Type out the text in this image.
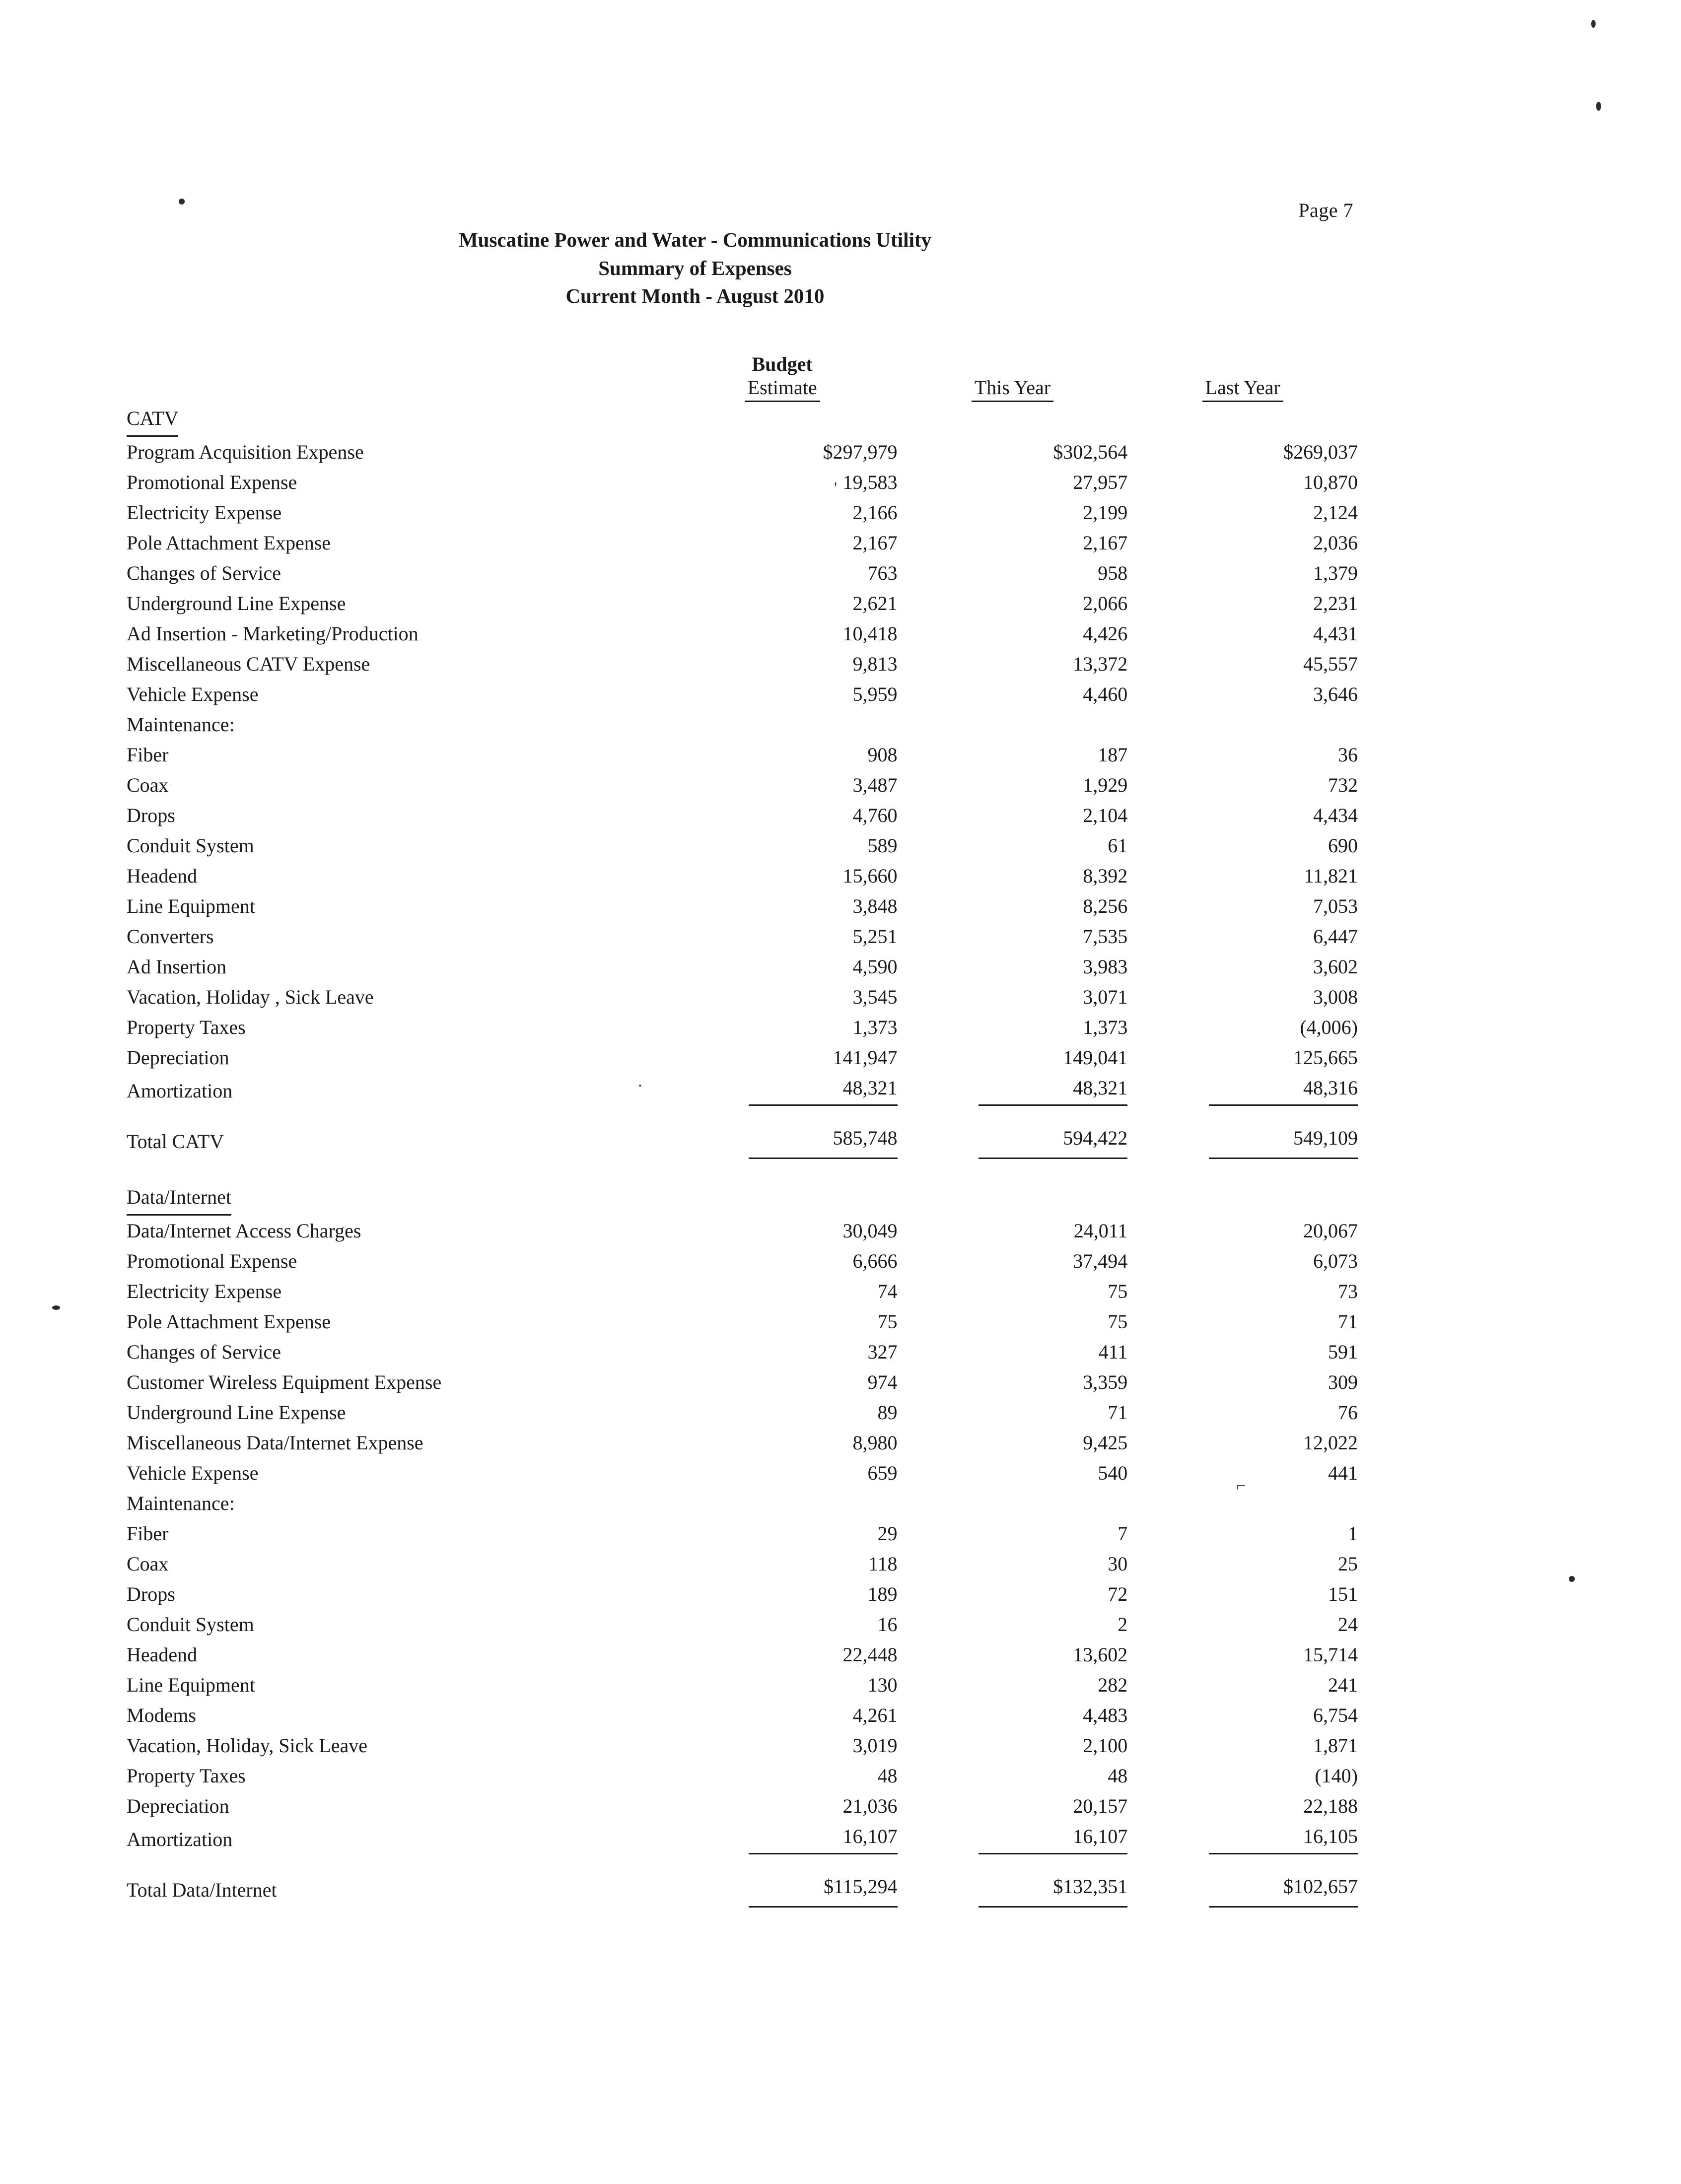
Page 7
Muscatine Power and Water - Communications Utility
Summary of Expenses
Current Month - August 2010

	Budget
Estimate	This Year	Last Year
CATV			
Program Acquisition Expense	$297,979	$302,564	$269,037
Promotional Expense	19,583	27,957	10,870
Electricity Expense	2,166	2,199	2,124
Pole Attachment Expense	2,167	2,167	2,036
Changes of Service	763	958	1,379
Underground Line Expense	2,621	2,066	2,231
Ad Insertion - Marketing/Production	10,418	4,426	4,431
Miscellaneous CATV Expense	9,813	13,372	45,557
Vehicle Expense	5,959	4,460	3,646
Maintenance:			
Fiber	908	187	36
Coax	3,487	1,929	732
Drops	4,760	2,104	4,434
Conduit System	589	61	690
Headend	15,660	8,392	11,821
Line Equipment	3,848	8,256	7,053
Converters	5,251	7,535	6,447
Ad Insertion	4,590	3,983	3,602
Vacation, Holiday , Sick Leave	3,545	3,071	3,008
Property Taxes	1,373	1,373	(4,006)
Depreciation	141,947	149,041	125,665
Amortization	48,321	48,321	48,316

Total CATV	585,748	594,422	549,109

Data/Internet			
Data/Internet Access Charges	30,049	24,011	20,067
Promotional Expense	6,666	37,494	6,073
Electricity Expense	74	75	73
Pole Attachment Expense	75	75	71
Changes of Service	327	411	591
Customer Wireless Equipment Expense	974	3,359	309
Underground Line Expense	89	71	76
Miscellaneous Data/Internet Expense	8,980	9,425	12,022
Vehicle Expense	659	540	441
Maintenance:			
Fiber	29	7	1
Coax	118	30	25
Drops	189	72	151
Conduit System	16	2	24
Headend	22,448	13,602	15,714
Line Equipment	130	282	241
Modems	4,261	4,483	6,754
Vacation, Holiday, Sick Leave	3,019	2,100	1,871
Property Taxes	48	48	(140)
Depreciation	21,036	20,157	22,188
Amortization	16,107	16,107	16,105

Total Data/Internet	$115,294	$132,351	$102,657
'
.
⌐
